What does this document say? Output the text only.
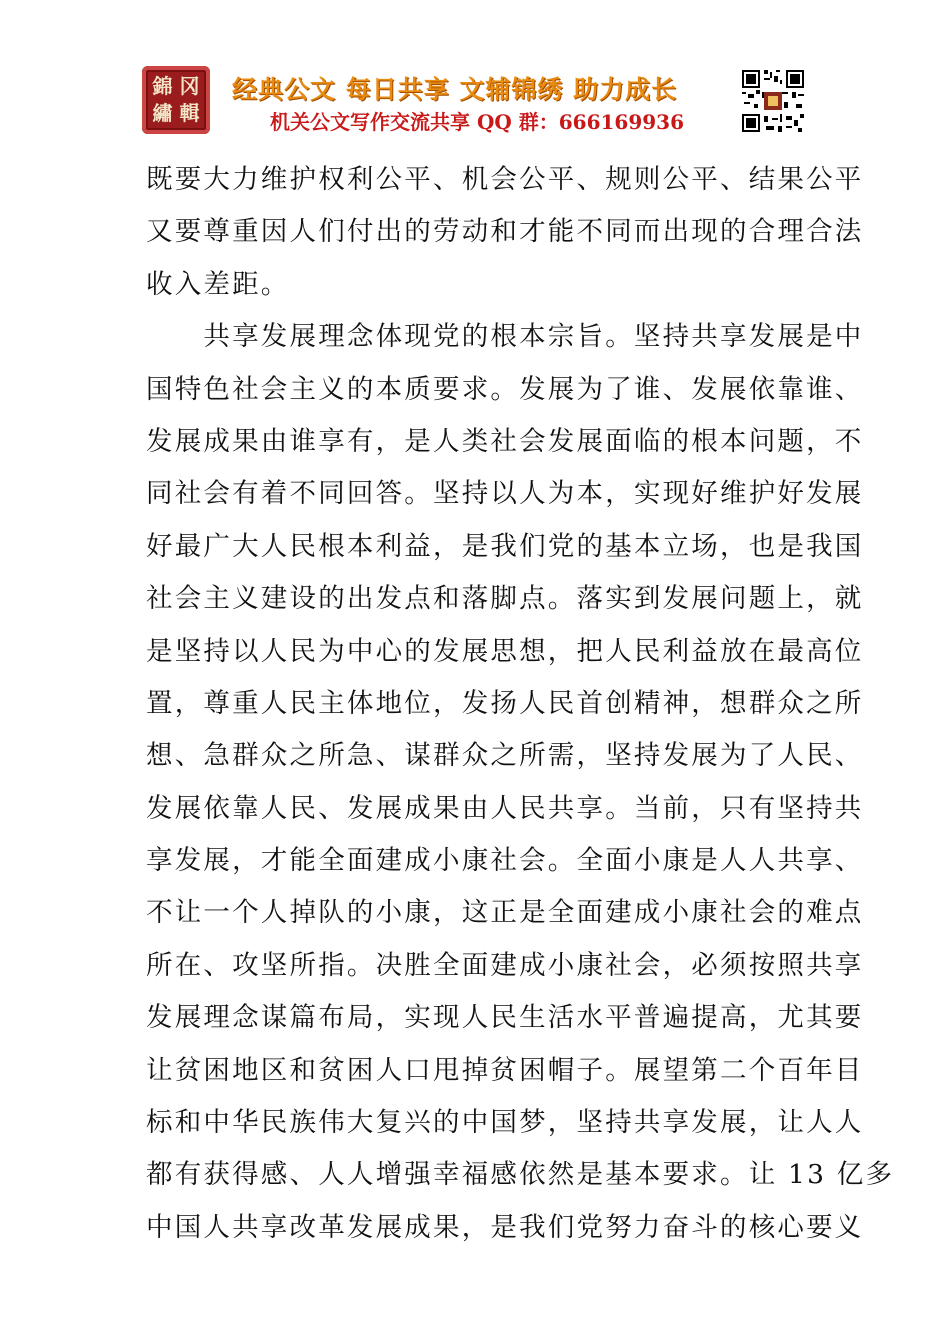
錦 冈
繡 輯
经典公文 每日共享 文辅锦绣 助力成长
机关公文写作交流共享 QQ 群：666169936
既要大力维护权利公平、机会公平、规则公平、结果公平
又要尊重因人们付出的劳动和才能不同而出现的合理合法
收入差距。
　　共享发展理念体现党的根本宗旨。坚持共享发展是中
国特色社会主义的本质要求。发展为了谁、发展依靠谁、
发展成果由谁享有，是人类社会发展面临的根本问题，不
同社会有着不同回答。坚持以人为本，实现好维护好发展
好最广大人民根本利益，是我们党的基本立场，也是我国
社会主义建设的出发点和落脚点。落实到发展问题上，就
是坚持以人民为中心的发展思想，把人民利益放在最高位
置，尊重人民主体地位，发扬人民首创精神，想群众之所
想、急群众之所急、谋群众之所需，坚持发展为了人民、
发展依靠人民、发展成果由人民共享。当前，只有坚持共
享发展，才能全面建成小康社会。全面小康是人人共享、
不让一个人掉队的小康，这正是全面建成小康社会的难点
所在、攻坚所指。决胜全面建成小康社会，必须按照共享
发展理念谋篇布局，实现人民生活水平普遍提高，尤其要
让贫困地区和贫困人口甩掉贫困帽子。展望第二个百年目
标和中华民族伟大复兴的中国梦，坚持共享发展，让人人
都有获得感、人人增强幸福感依然是基本要求。让 13 亿多
中国人共享改革发展成果，是我们党努力奋斗的核心要义
